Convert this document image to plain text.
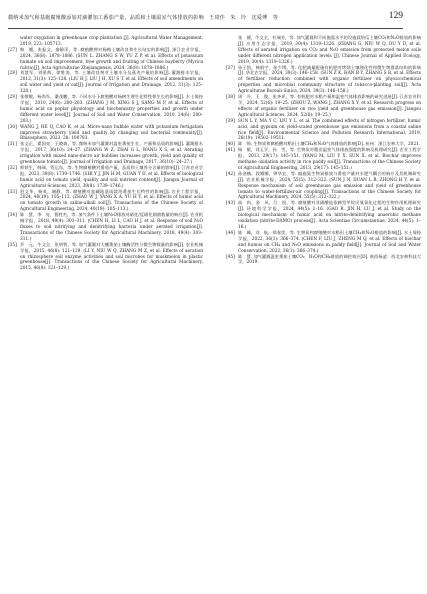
微纳米加气和基施腐殖酸添加对滴灌加工番茄产量、品质和土壤温室气体排放的影响　王琦佳　朱　玲　沈爱博　等	129

water oxygation in greenhouse crop plantation [J]. Agricultural Water Management, 2019, 223: 105713.

[27] 韩　娜，张振文，俞静萍，等. 腐植酸钾对杨梅土壤改良和生长结实的影响[J]. 浙江农业学报，2024, 36(8): 1878–1886. (SUN L, ZHANG S W, YU Z P, et al. Effects of potassium humate on soil improvement, tree growth and fruiting of Chinese bayberry (Myrica rubra)[J]. Acta Agriculturae Zhejiangensis, 2024, 36(8): 1878–1886.)

[28] 刘慧军，刘景辉，徐胜涛，等. 土壤改良剂对土壤水分及燕麦产量的影响[J]. 灌溉排水学报，2012, 31(3): 125–128. (LIU H J, LIU J H, XU S T, et al. Effects of soil amendments on soil water and yield of oat[J]. Journal of Irrigation and Drainage, 2012, 31(3): 125–128.)

[29] 张敬敏，杨尚军，桑茂鹏，等. 不同水分下腐殖酸对杨树生理生化特性和生长的影响[J]. 水土保持学报，2010, 24(6): 200–203. (ZHANG J M, XING S J, SANG M P, et al. Effects of humic acid on poplar physiology and biochemistry properties and growth under different water level[J]. Journal of Soil and Water Conservation, 2010, 24(6): 200–203.)

[30] WANG J, HE Q, CAO K, et al. Micro-nano bubble water with potassium fertigation improves strawberry yield and quality by changing soil bacterial community[J]. Rhizosphere, 2023, 28: 100783.

[31] 张文正，翟国亮，王晓森，等. 微纳米加气灌溉对温室番茄生长、产量和品质的影响[J]. 灌溉排水学报，2017, 36(10): 24–27. (ZHANG W Z, ZHAI G L, WANG X S, et al. Aerating irrigation with mixed nano-micro air bubbles increases growth, yield and quality of greenhouse tomato[J]. Journal of Irrigation and Drainage, 2017, 36(10): 24–27.)

[32] 师铁生，韩瑞，管运东，等. 生物腐植酸对番茄产量、品质和土壤养分含量的影响[J]. 江苏农业学报，2023, 39(8): 1739–1746. (SHI Y J, JIN H M, GUAN Y D, et al. Effects of biological humic acid on tomato yield, quality and soil nutrient content[J]. Jiangsu Journal of Agricultural Sciences, 2023, 39(8): 1739–1746.)

[33] 赵文华，杨英，谢静，等. 腐殖酸对盐碱地基质栽培番茄生长特性的影响[J]. 农业工程学报，2024, 40(19): 105–113. (ZHAO W J, YANG X A, YU H Y, et al. Effects of humic acid on tomato growth in saline-alkali soil[J]. Transactions of the Chinese Society of Agricultural Engineering, 2024, 40(19): 105–113.)

[34] 陈　慧，李　亮，曹胜杰，等. 加气条件下土壤N₂O排放对硝化/反硝化细菌数量的响应[J]. 农业机械学报，2018, 49(4): 303–311. (CHEN H, LI L, CAO H J, et al. Response of soil N₂O fluxes to soil nitrifying and denitrifying bacteria under aerated irrigation[J]. Transactions of the Chinese Society for Agricultural Machinery, 2018, 49(4): 303–311.)

[35] 乔　元，牛文全，张明智，等. 加气灌溉对大棚番茄土壤酶活性与微生物数量的影响[J]. 农业机械学报，2015, 46(8): 121–129. (LI Y, NIU W Q, ZHANG M Z, et al. Effects of aeration on rhizosphere soil enzyme activities and soil microbes for muskmelon in plastic greenhouse[J]. Transactions of the Chinese Society for Agricultural Machinery, 2015, 46(8): 121–129.)

张　健，牛文全，杜瑞芳，等. 加气灌溉和不同施氮水平的设施栽培瓜土壤CO₂和N₂O排放的影响[J]. 应用生态学报，2019, 30(4): 1319–1326. (ZHANG G, NIU W Q, DU Y D, et al. Effects of aerated irrigation on CO₂ and N₂O emission from protected melon soils under different nitrogen application levels [J]. Chinese Journal of Applied Ecology, 2019, 30(4): 1319–1326.)

[37] 孙子凯，韩炳宇，张少博，等. 化肥减量配施有机肥对烤烟土壤理化性和微生物群落结构的影响[J]. 华北农学报，2024, 39(3): 146–158. (SUN Z K, HAN B Y, ZHANG S B, et al. Effects of fertilizer reduction combined with organic fertilizer on physicochemical properties and microbial community structure of tobacco-planting soil[J]. Acta Agriculturae Boreali-Sinica, 2024, 39(3): 146–158.)

[38] 周　升，王　俊，张齐祥，等. 有机肥对水稻产量和温室气体排放影响的研究进展[J]. 江苏农业科学，2024, 52(6): 19–25. (ZHOU Z, WANG J, ZHANG X Y, et al. Research progress on effects of organic fertilizer on rice yield and greenhouse gas emission[J]. Jiangsu Agricultural Sciences, 2024, 52(6): 19–25.)

[39] SUN L Y, MA Y C, LIU Y L, et al. The combined effects of nitrogen fertilizer, humic acid, and gypsum on yield-scaled greenhouse gas emissions from a coastal saline rice field[J]. Environmental Science and Pollution Research International, 2019, 26(19): 19502–19511.

[40] 陈　锦. 生物炭和腐植酸对稻田土壤CH₄和N₂O气体排放的影响[D]. 杭州：浙江农林大学，2021.

[41] 杨　敏，刘玉学，孙　雪，等. 生物炭对稻田温室气体排放强度的影响及机理研究[J]. 农业工程学报，2013, 29(17): 145–151. (YANG M, LIU Y X, SUN X, et al. Biochar improves methane oxidation activity in rice paddy soil[J]. Transactions of the Chinese Society of Agricultural Engineering, 2013, 29(17): 145–151.)

[42] 孙金楠，段娜娜，钟华宜，等. 偏施氮生物炭排放与番茄产量对水肥气耦合的响应及其机制研究[J]. 农业机械学报，2024, 55(5): 312–322. (SUN J N, DUAN L B, ZHONG H Y, et al. Response mechanism of soil greenhouse gas emission and yield of greenhouse tomato to water-fertilizer-air coupling[J]. Transactions of the Chinese Society for Agricultural Machinery, 2024, 55(5): 312–322.)

[43] 高　冉，金　风，吕　锐，等. 腐殖酸对亚硝酸盐依赖型甲烷厌氧氧化过程的生物作用机理研究[J]. 环境科学学报，2024, 44(5): 1–16. (GAO R, JIN H, LU J, et al. Study on the biological mechanism of humic acid on nitrite-denitrifying anaerobic methane oxidation (nitrite-DAMO) process[J]. Acta Scientiae Circumstantiae, 2024, 44(5): 1–16.)

[44] 陈　峰，刘　航，郑春雷，等. 生物炭和腐殖酸对水稻田土壤CH₄和N₂O排放的影响[J]. 水土保持学报，2022, 36(1): 366–374. (CHEN F, LIU J, ZHENG M Q, et al. Effects of biochar and humus on CH₄ and N₂O emissions in paddy field[J]. Journal of Soil and Water Conservation, 2022, 36(1): 366–374.)

[45] 陈　慧. 加气灌溉温室番茄土壤CO₂、N₂O和CH₄排放的调控效应[D]. 陕西杨凌：西北农林科技大学，2019.
